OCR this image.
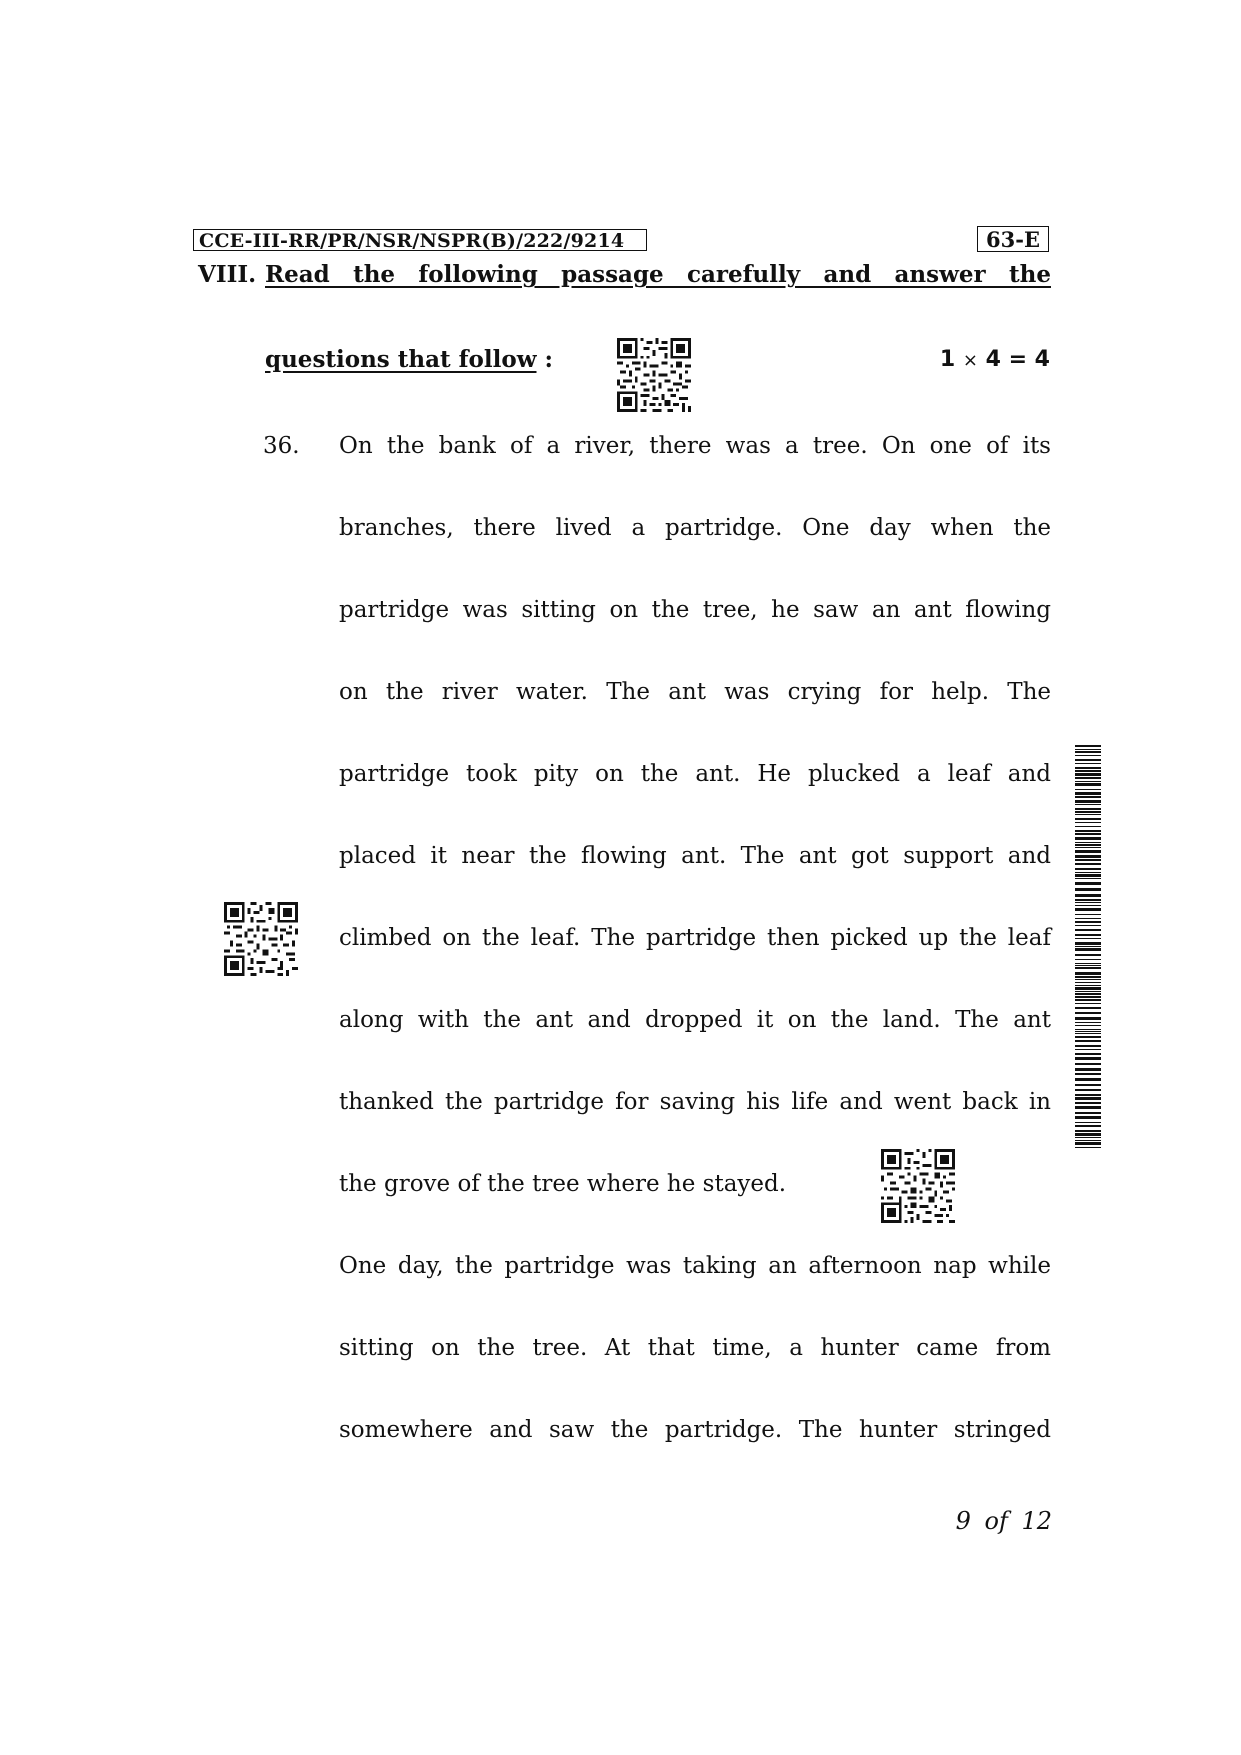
CCE-III-RR/PR/NSR/NSPR(B)/222/9214	63-E
VIII. Read the following passage carefully and answer the
questions that follow :	1 × 4 = 4
36. On the bank of a river, there was a tree. On one of its
branches, there lived a partridge. One day when the
partridge was sitting on the tree, he saw an ant flowing
on the river water. The ant was crying for help. The
partridge took pity on the ant. He plucked a leaf and
placed it near the flowing ant. The ant got support and
climbed on the leaf. The partridge then picked up the leaf
along with the ant and dropped it on the land. The ant
thanked the partridge for saving his life and went back in
the grove of the tree where he stayed.
One day, the partridge was taking an afternoon nap while
sitting on the tree. At that time, a hunter came from
somewhere and saw the partridge. The hunter stringed
9 of 12
